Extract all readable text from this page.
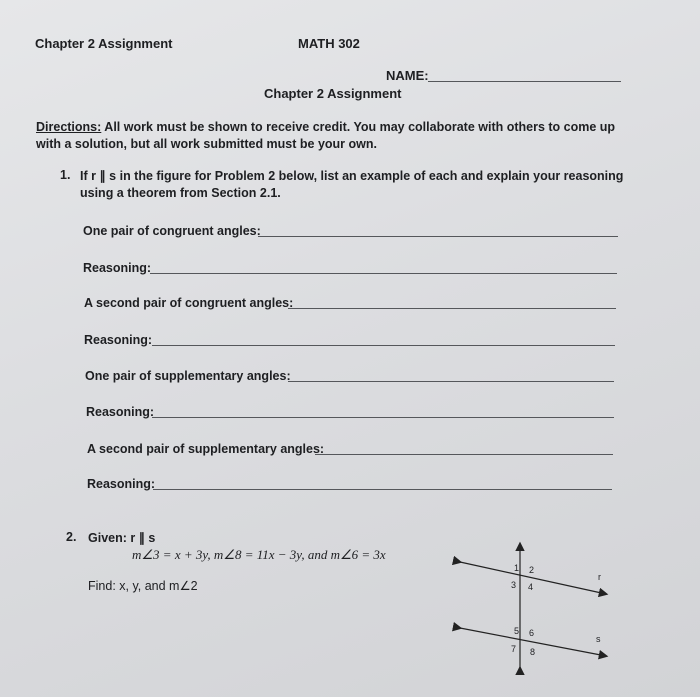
Chapter 2 Assignment	MATH 302
NAME:
Chapter 2 Assignment
Directions: All work must be shown to receive credit. You may collaborate with others to come up
with a solution, but all work submitted must be your own.
1. If r ∥ s in the figure for Problem 2 below, list an example of each and explain your reasoning
using a theorem from Section 2.1.
One pair of congruent angles:
Reasoning:
A second pair of congruent angles:
Reasoning:
One pair of supplementary angles:
Reasoning:
A second pair of supplementary angles:
Reasoning:
2. Given: r ∥ s
m∠3 = x + 3y, m∠8 = 11x − 3y, and m∠6 = 3x
Find: x, y, and m∠2
r
s
1 2
3 4
5 6
7 8
